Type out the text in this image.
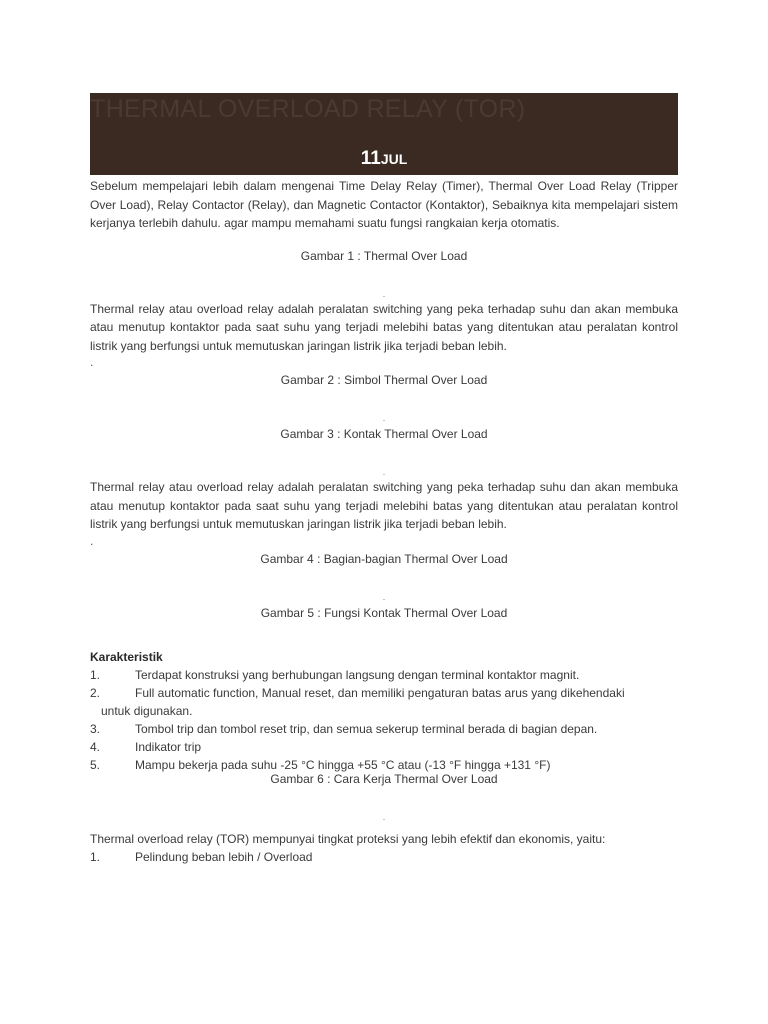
THERMAL OVERLOAD RELAY (TOR)
11JUL

Sebelum mempelajari lebih dalam mengenai Time Delay Relay (Timer), Thermal Over Load Relay (Tripper Over Load), Relay Contactor (Relay), dan Magnetic Contactor (Kontaktor), Sebaiknya kita mempelajari sistem kerjanya terlebih dahulu. agar mampu memahami suatu fungsi rangkaian kerja otomatis.

Gambar 1 : Thermal Over Load

.

Thermal relay atau overload relay adalah peralatan switching yang peka terhadap suhu dan akan membuka atau menutup kontaktor pada saat suhu yang terjadi melebihi batas yang ditentukan atau peralatan kontrol listrik yang berfungsi untuk memutuskan jaringan listrik jika terjadi beban lebih.

.

Gambar 2 : Simbol Thermal Over Load

.

Gambar 3 : Kontak Thermal Over Load

.

Thermal relay atau overload relay adalah peralatan switching yang peka terhadap suhu dan akan membuka atau menutup kontaktor pada saat suhu yang terjadi melebihi batas yang ditentukan atau peralatan kontrol listrik yang berfungsi untuk memutuskan jaringan listrik jika terjadi beban lebih.

.

Gambar 4 : Bagian-bagian Thermal Over Load

.

Gambar 5 : Fungsi Kontak Thermal Over Load

Karakteristik

1.	Terdapat konstruksi yang berhubungan langsung dengan terminal kontaktor magnit.
2.	Full automatic function, Manual reset, dan memiliki pengaturan batas arus yang dikehendaki
untuk digunakan.
3.	Tombol trip dan tombol reset trip, dan semua sekerup terminal berada di bagian depan.
4.	Indikator trip
5.	Mampu bekerja pada suhu -25 °C hingga +55 °C atau (-13 °F hingga +131 °F)

Gambar 6 : Cara Kerja Thermal Over Load

.

Thermal overload relay (TOR) mempunyai tingkat proteksi yang lebih efektif dan ekonomis, yaitu:

1.	Pelindung beban lebih / Overload
